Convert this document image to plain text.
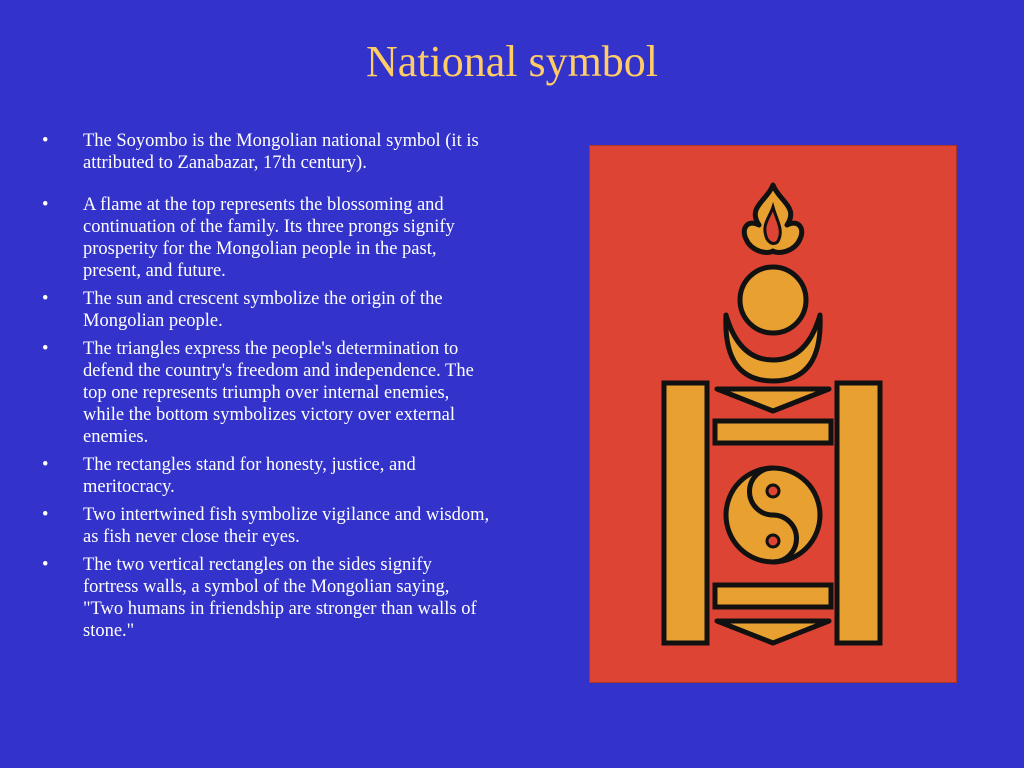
National symbol
• The Soyombo is the Mongolian national symbol (it is attributed to Zanabazar, 17th century).
• A flame at the top represents the blossoming and continuation of the family. Its three prongs signify prosperity for the Mongolian people in the past, present, and future.
• The sun and crescent symbolize the origin of the Mongolian people.
• The triangles express the people's determination to defend the country's freedom and independence. The top one represents triumph over internal enemies, while the bottom symbolizes victory over external enemies.
• The rectangles stand for honesty, justice, and meritocracy.
• Two intertwined fish symbolize vigilance and wisdom, as fish never close their eyes.
• The two vertical rectangles on the sides signify fortress walls, a symbol of the Mongolian saying, "Two humans in friendship are stronger than walls of stone."
